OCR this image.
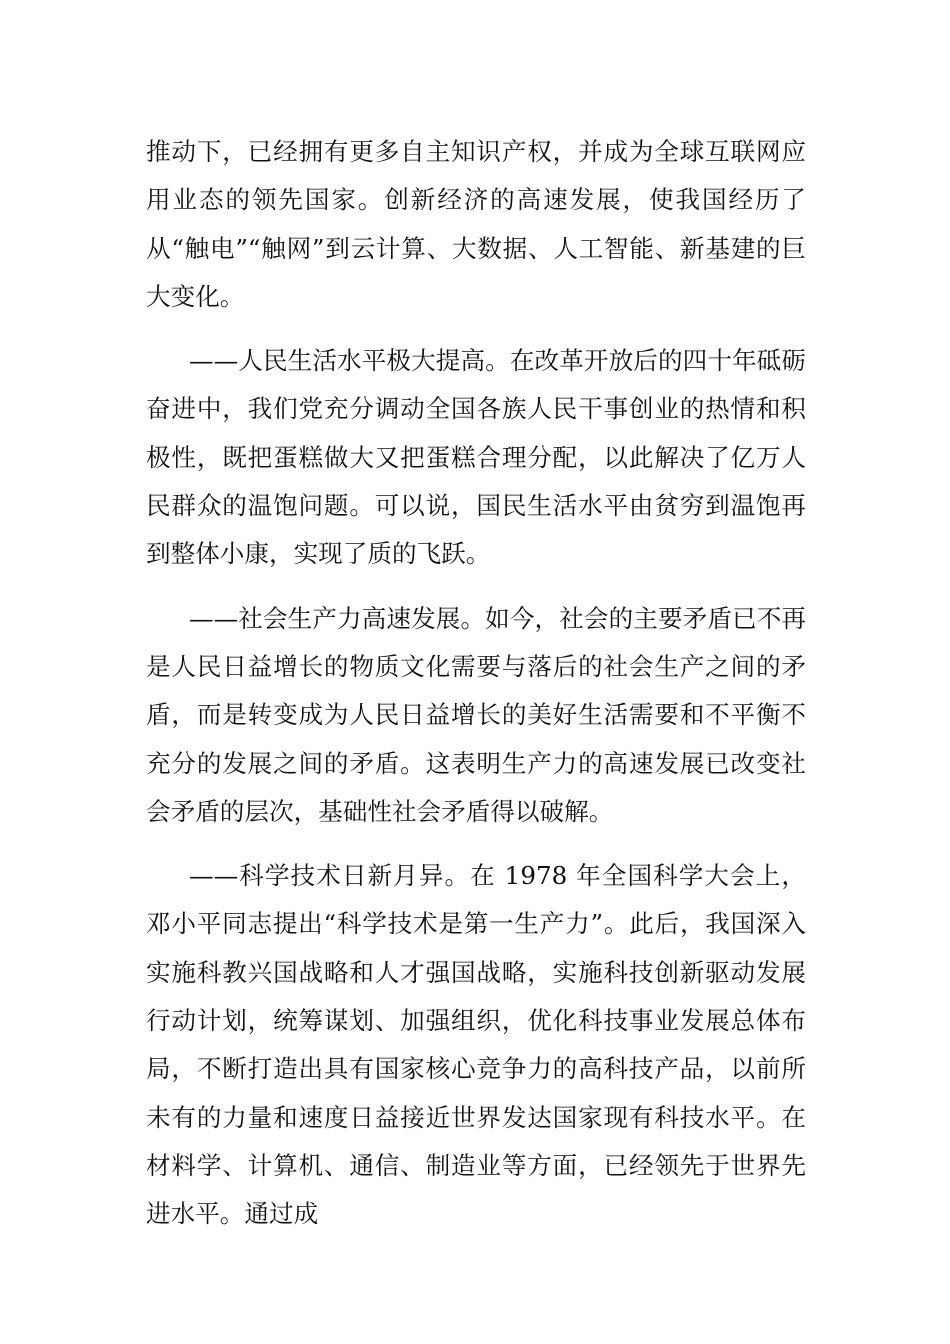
推动下，已经拥有更多自主知识产权，并成为全球互联网应用业态的领先国家。创新经济的高速发展，使我国经历了从“触电”“触网”到云计算、大数据、人工智能、新基建的巨大变化。

——人民生活水平极大提高。在改革开放后的四十年砥砺奋进中，我们党充分调动全国各族人民干事创业的热情和积极性，既把蛋糕做大又把蛋糕合理分配，以此解决了亿万人民群众的温饱问题。可以说，国民生活水平由贫穷到温饱再到整体小康，实现了质的飞跃。

——社会生产力高速发展。如今，社会的主要矛盾已不再是人民日益增长的物质文化需要与落后的社会生产之间的矛盾，而是转变成为人民日益增长的美好生活需要和不平衡不充分的发展之间的矛盾。这表明生产力的高速发展已改变社会矛盾的层次，基础性社会矛盾得以破解。

——科学技术日新月异。在 1978 年全国科学大会上，邓小平同志提出“科学技术是第一生产力”。此后，我国深入实施科教兴国战略和人才强国战略，实施科技创新驱动发展行动计划，统筹谋划、加强组织，优化科技事业发展总体布局，不断打造出具有国家核心竞争力的高科技产品，以前所未有的力量和速度日益接近世界发达国家现有科技水平。在材料学、计算机、通信、制造业等方面，已经领先于世界先进水平。通过成
